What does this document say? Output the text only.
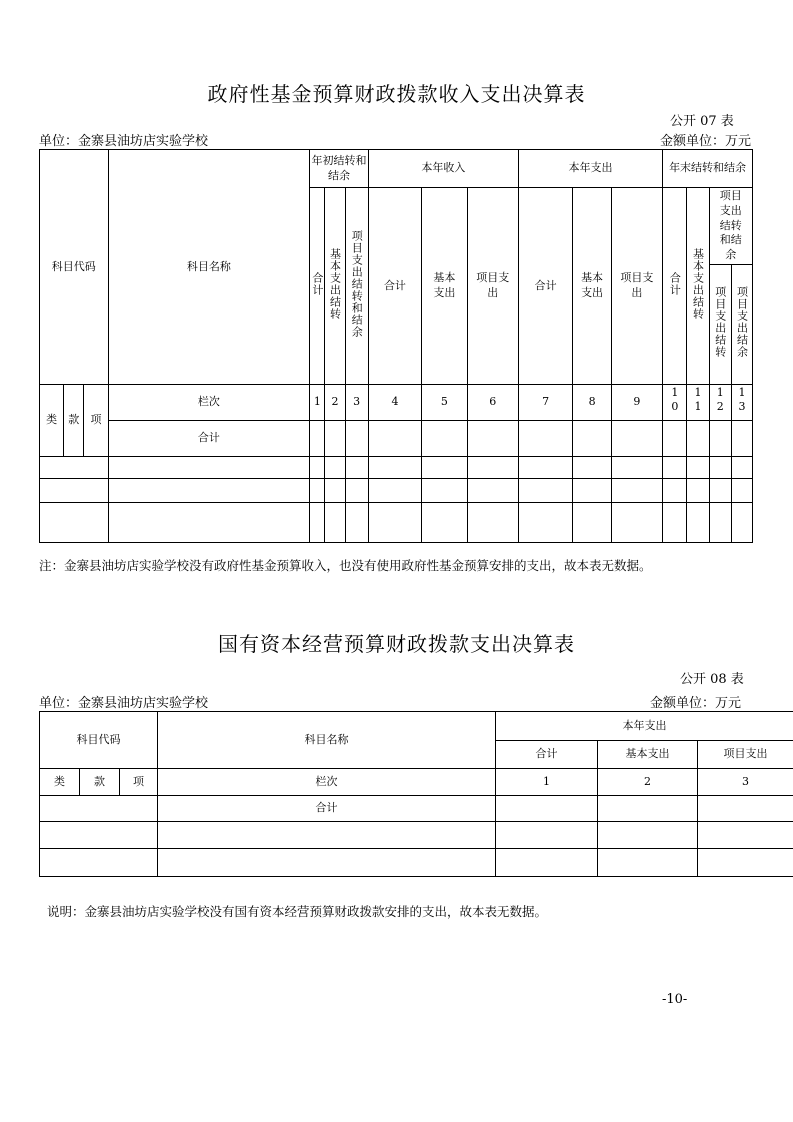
政府性基金预算财政拨款收入支出决算表
公开 07 表
单位：金寨县油坊店实验学校	金额单位：万元
科目代码			科目名称	年初结转和结余			本年收入			本年支出			年末结转和结余			
				合计	基本支出结转	项目支出结转和结余	合计	基本支出	项目支出	合计	基本支出	项目支出	合计	基本支出结转	项目支出结转和结余	
															项目支出结转	项目支出结余
类	款	项	栏次	1	2	3	4	5	6	7	8	9	10	11	12	13
			合计													

注：金寨县油坊店实验学校没有政府性基金预算收入，也没有使用政府性基金预算安排的支出，故本表无数据。
国有资本经营预算财政拨款支出决算表
公开 08 表
单位：金寨县油坊店实验学校	金额单位：万元
科目代码			科目名称	本年支出		
				合计	基本支出	项目支出
类	款	项	栏次	1	2	3
			合计			

说明：金寨县油坊店实验学校没有国有资本经营预算财政拨款安排的支出，故本表无数据。
-10-
